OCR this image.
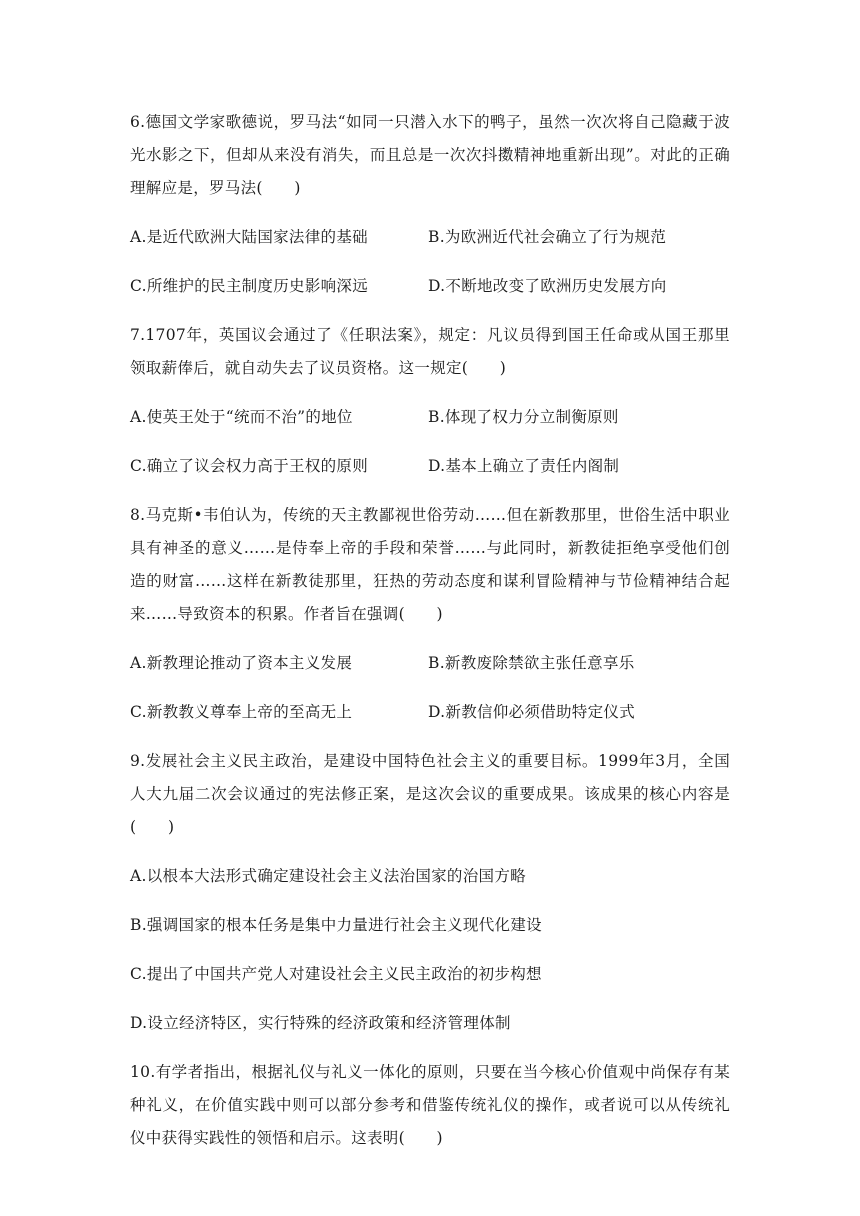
6.德国文学家歌德说，罗马法“如同一只潜入水下的鸭子，虽然一次次将自己隐藏于波光水影之下，但却从来没有消失，而且总是一次次抖擞精神地重新出现”。对此的正确理解应是，罗马法(　　)

A.是近代欧洲大陆国家法律的基础	B.为欧洲近代社会确立了行为规范
C.所维护的民主制度历史影响深远	D.不断地改变了欧洲历史发展方向

7.1707年，英国议会通过了《任职法案》，规定：凡议员得到国王任命或从国王那里领取薪俸后，就自动失去了议员资格。这一规定(　　)

A.使英王处于“统而不治”的地位	B.体现了权力分立制衡原则
C.确立了议会权力高于王权的原则	D.基本上确立了责任内阁制

8.马克斯•韦伯认为，传统的天主教鄙视世俗劳动……但在新教那里，世俗生活中职业具有神圣的意义……是侍奉上帝的手段和荣誉……与此同时，新教徒拒绝享受他们创造的财富……这样在新教徒那里，狂热的劳动态度和谋利冒险精神与节俭精神结合起来……导致资本的积累。作者旨在强调(　　)

A.新教理论推动了资本主义发展	B.新教废除禁欲主张任意享乐
C.新教教义尊奉上帝的至高无上	D.新教信仰必须借助特定仪式

9.发展社会主义民主政治，是建设中国特色社会主义的重要目标。1999年3月，全国人大九届二次会议通过的宪法修正案，是这次会议的重要成果。该成果的核心内容是(　　)

A.以根本大法形式确定建设社会主义法治国家的治国方略
B.强调国家的根本任务是集中力量进行社会主义现代化建设
C.提出了中国共产党人对建设社会主义民主政治的初步构想
D.设立经济特区，实行特殊的经济政策和经济管理体制

10.有学者指出，根据礼仪与礼义一体化的原则，只要在当今核心价值观中尚保存有某种礼义，在价值实践中则可以部分参考和借鉴传统礼仪的操作，或者说可以从传统礼仪中获得实践性的领悟和启示。这表明(　　)
